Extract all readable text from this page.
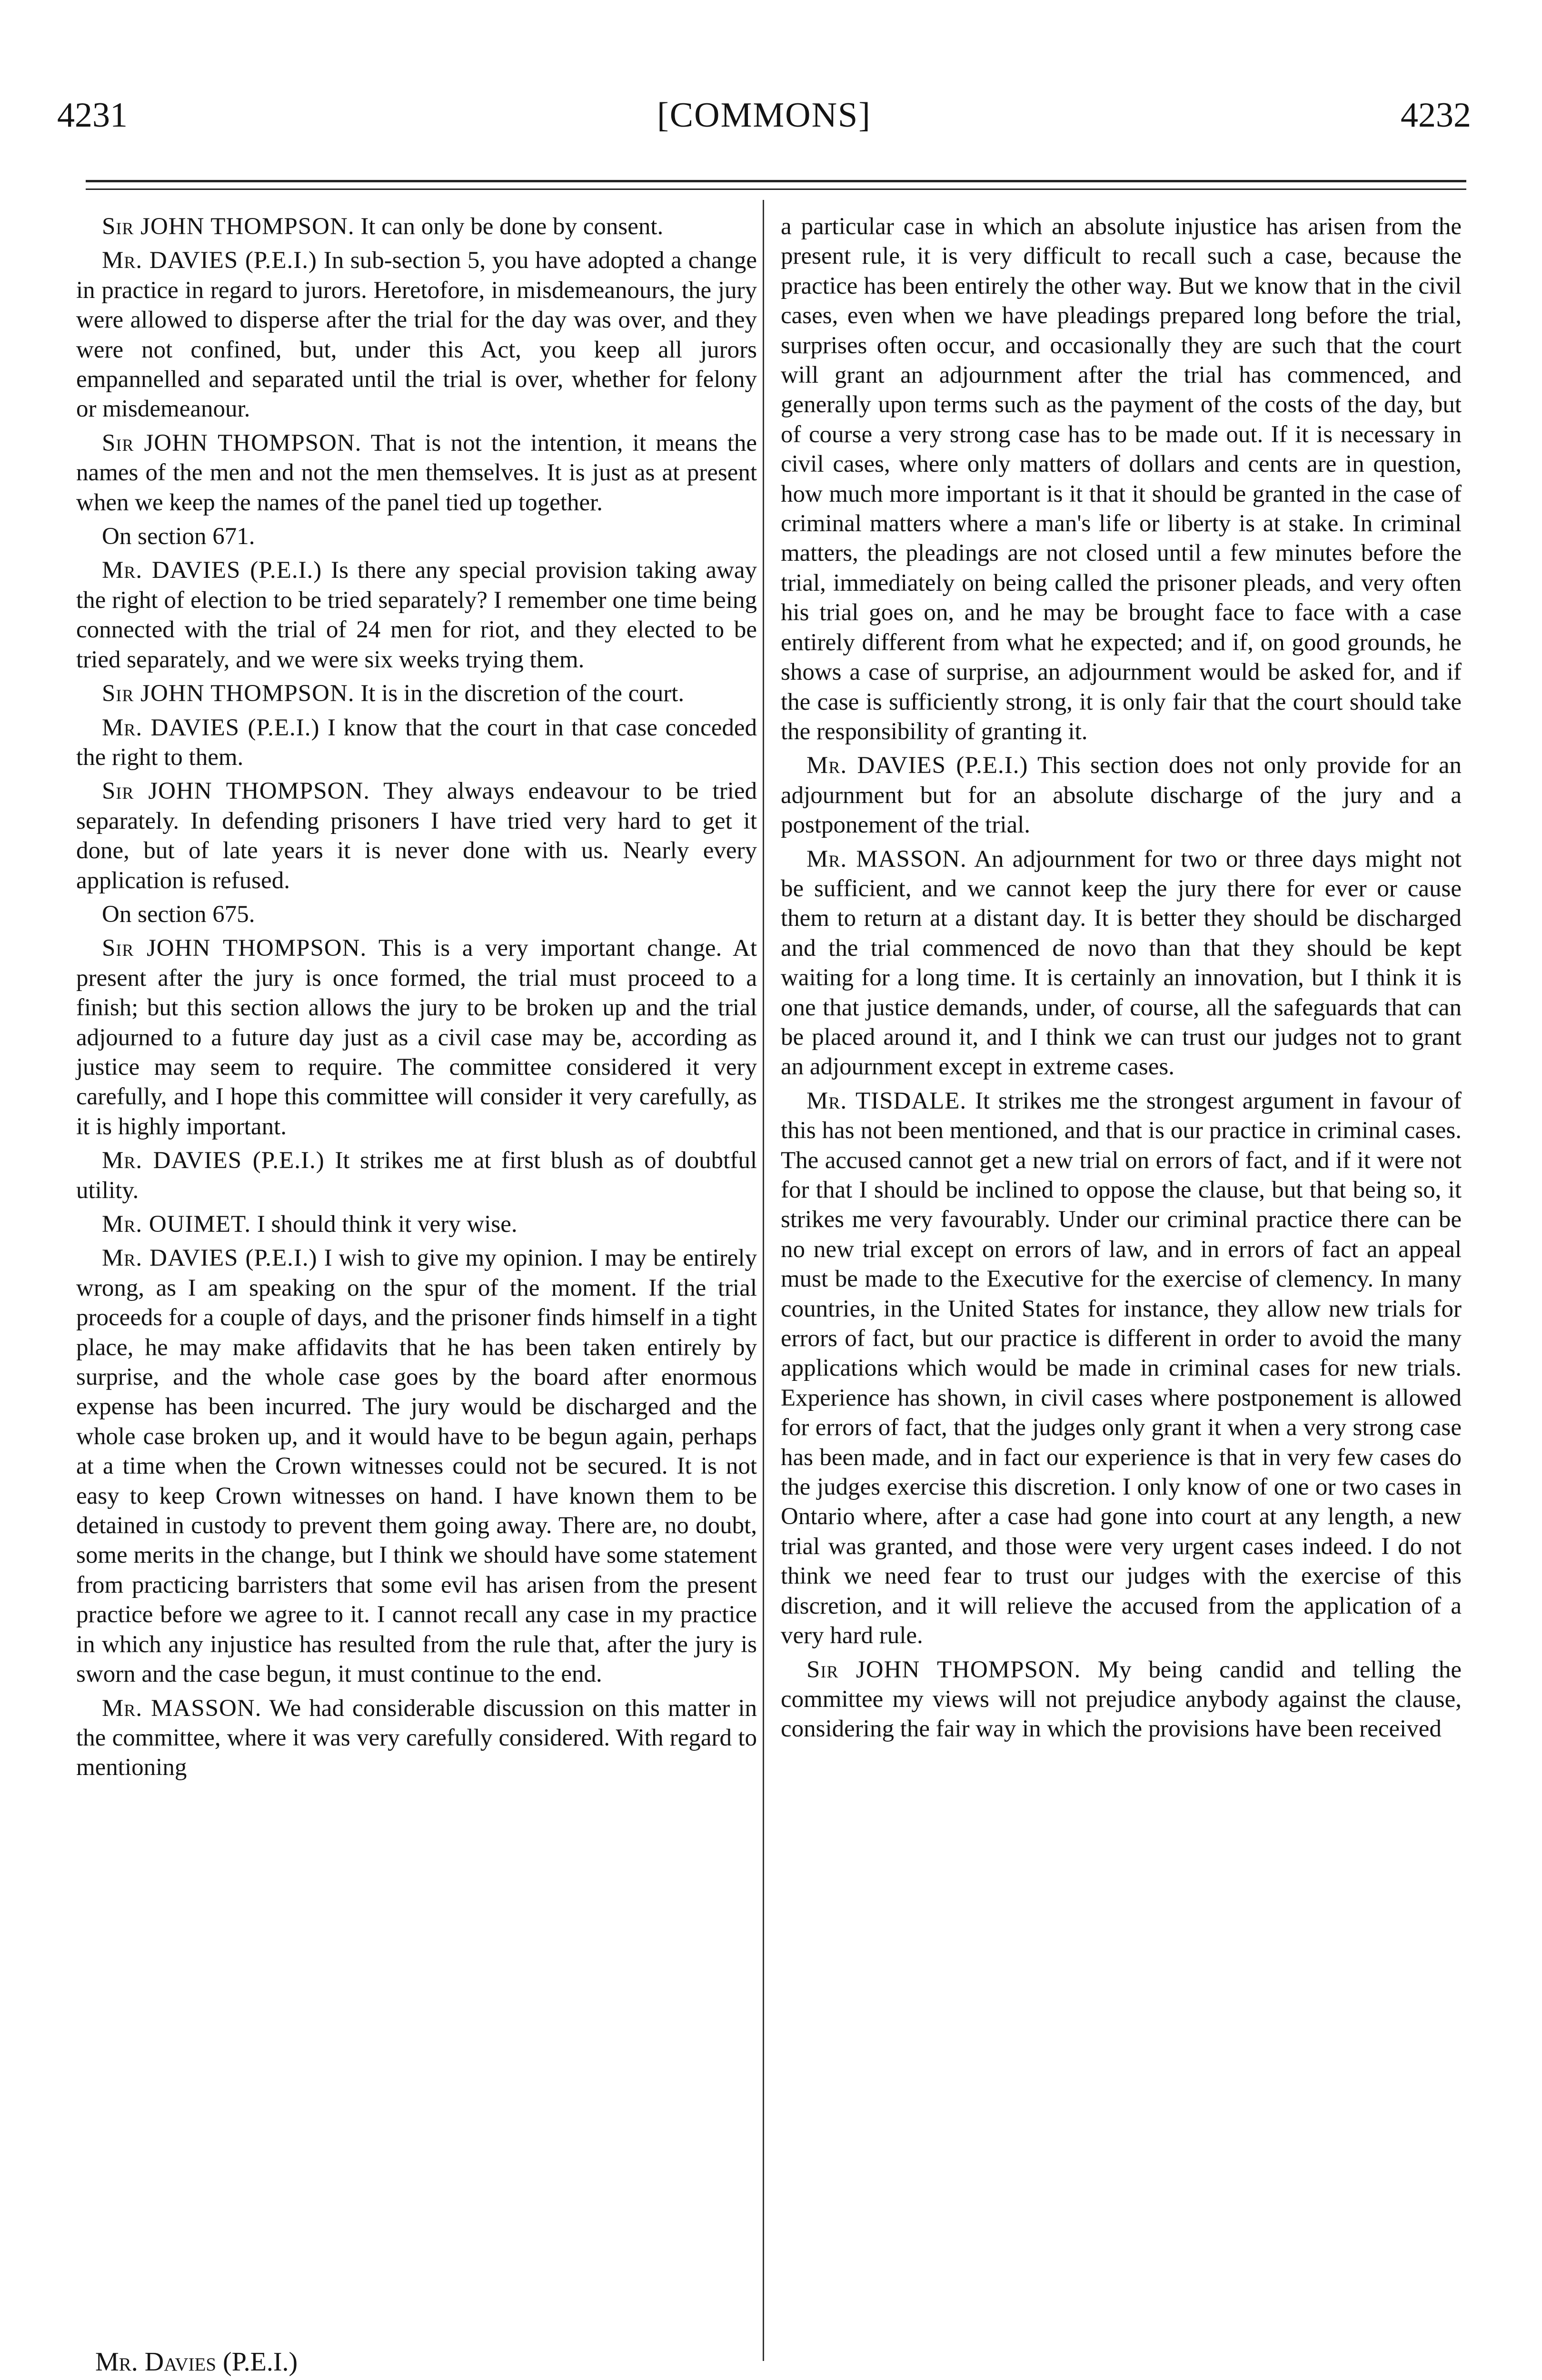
4231	[COMMONS]	4232

Sir JOHN THOMPSON. It can only be done by consent.

Mr. DAVIES (P.E.I.) In sub-section 5, you have adopted a change in practice in regard to jurors. Heretofore, in misdemeanours, the jury were allowed to disperse after the trial for the day was over, and they were not confined, but, under this Act, you keep all jurors empannelled and separated until the trial is over, whether for felony or misdemeanour.

Sir JOHN THOMPSON. That is not the intention, it means the names of the men and not the men themselves. It is just as at present when we keep the names of the panel tied up together.

On section 671.

Mr. DAVIES (P.E.I.) Is there any special provision taking away the right of election to be tried separately? I remember one time being connected with the trial of 24 men for riot, and they elected to be tried separately, and we were six weeks trying them.

Sir JOHN THOMPSON. It is in the discretion of the court.

Mr. DAVIES (P.E.I.) I know that the court in that case conceded the right to them.

Sir JOHN THOMPSON. They always endeavour to be tried separately. In defending prisoners I have tried very hard to get it done, but of late years it is never done with us. Nearly every application is refused.

On section 675.

Sir JOHN THOMPSON. This is a very important change. At present after the jury is once formed, the trial must proceed to a finish; but this section allows the jury to be broken up and the trial adjourned to a future day just as a civil case may be, according as justice may seem to require. The committee considered it very carefully, and I hope this committee will consider it very carefully, as it is highly important.

Mr. DAVIES (P.E.I.) It strikes me at first blush as of doubtful utility.

Mr. OUIMET. I should think it very wise.

Mr. DAVIES (P.E.I.) I wish to give my opinion. I may be entirely wrong, as I am speaking on the spur of the moment. If the trial proceeds for a couple of days, and the prisoner finds himself in a tight place, he may make affidavits that he has been taken entirely by surprise, and the whole case goes by the board after enormous expense has been incurred. The jury would be discharged and the whole case broken up, and it would have to be begun again, perhaps at a time when the Crown witnesses could not be secured. It is not easy to keep Crown witnesses on hand. I have known them to be detained in custody to prevent them going away. There are, no doubt, some merits in the change, but I think we should have some statement from practicing barristers that some evil has arisen from the present practice before we agree to it. I cannot recall any case in my practice in which any injustice has resulted from the rule that, after the jury is sworn and the case begun, it must continue to the end.

Mr. MASSON. We had considerable discussion on this matter in the committee, where it was very carefully considered. With regard to mentioning

a particular case in which an absolute injustice has arisen from the present rule, it is very difficult to recall such a case, because the practice has been entirely the other way. But we know that in the civil cases, even when we have pleadings prepared long before the trial, surprises often occur, and occasionally they are such that the court will grant an adjournment after the trial has commenced, and generally upon terms such as the payment of the costs of the day, but of course a very strong case has to be made out. If it is necessary in civil cases, where only matters of dollars and cents are in question, how much more important is it that it should be granted in the case of criminal matters where a man's life or liberty is at stake. In criminal matters, the pleadings are not closed until a few minutes before the trial, immediately on being called the prisoner pleads, and very often his trial goes on, and he may be brought face to face with a case entirely different from what he expected; and if, on good grounds, he shows a case of surprise, an adjournment would be asked for, and if the case is sufficiently strong, it is only fair that the court should take the responsibility of granting it.

Mr. DAVIES (P.E.I.) This section does not only provide for an adjournment but for an absolute discharge of the jury and a postponement of the trial.

Mr. MASSON. An adjournment for two or three days might not be sufficient, and we cannot keep the jury there for ever or cause them to return at a distant day. It is better they should be discharged and the trial commenced de novo than that they should be kept waiting for a long time. It is certainly an innovation, but I think it is one that justice demands, under, of course, all the safeguards that can be placed around it, and I think we can trust our judges not to grant an adjournment except in extreme cases.

Mr. TISDALE. It strikes me the strongest argument in favour of this has not been mentioned, and that is our practice in criminal cases. The accused cannot get a new trial on errors of fact, and if it were not for that I should be inclined to oppose the clause, but that being so, it strikes me very favourably. Under our criminal practice there can be no new trial except on errors of law, and in errors of fact an appeal must be made to the Executive for the exercise of clemency. In many countries, in the United States for instance, they allow new trials for errors of fact, but our practice is different in order to avoid the many applications which would be made in criminal cases for new trials. Experience has shown, in civil cases where postponement is allowed for errors of fact, that the judges only grant it when a very strong case has been made, and in fact our experience is that in very few cases do the judges exercise this discretion. I only know of one or two cases in Ontario where, after a case had gone into court at any length, a new trial was granted, and those were very urgent cases indeed. I do not think we need fear to trust our judges with the exercise of this discretion, and it will relieve the accused from the application of a very hard rule.

Sir JOHN THOMPSON. My being candid and telling the committee my views will not prejudice anybody against the clause, considering the fair way in which the provisions have been received

Mr. Davies (P.E.I.)
